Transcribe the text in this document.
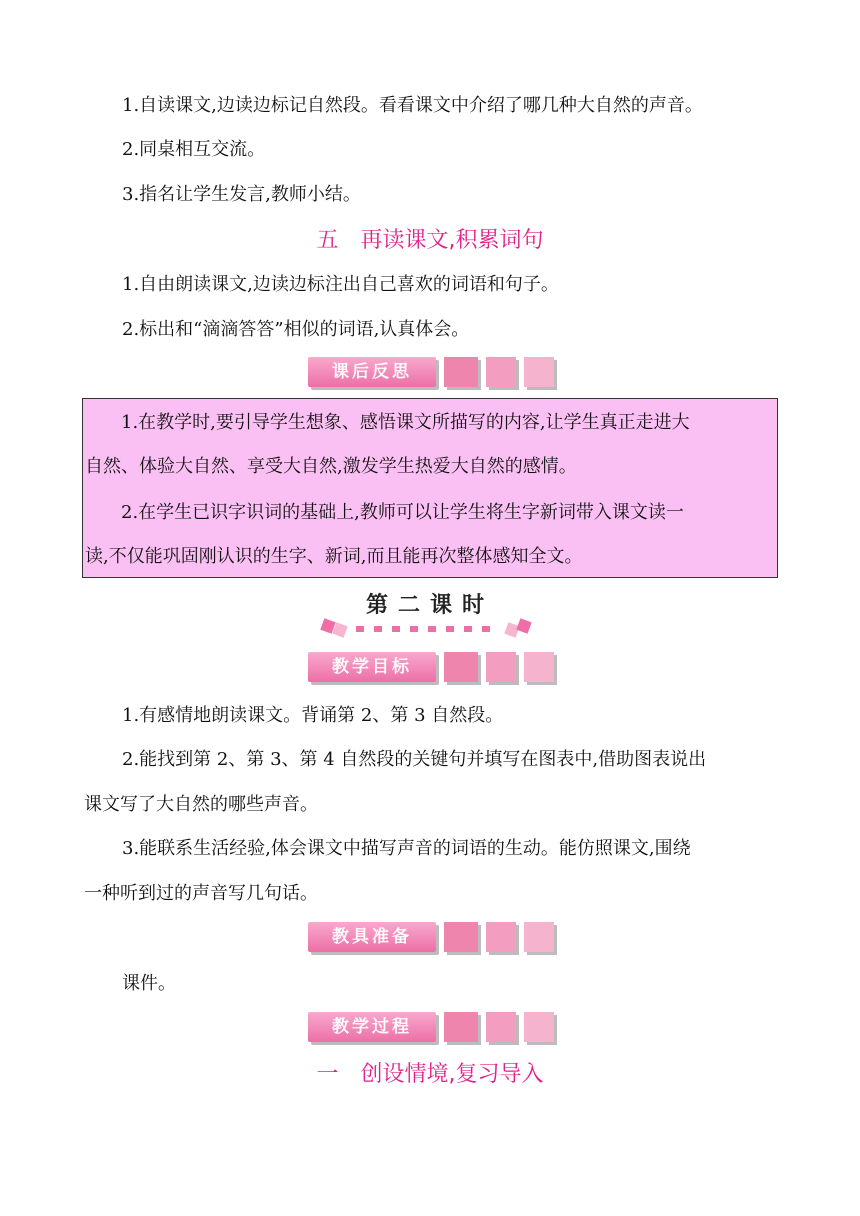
1.自读课文,边读边标记自然段。看看课文中介绍了哪几种大自然的声音。
2.同桌相互交流。
3.指名让学生发言,教师小结。
五 再读课文,积累词句
1.自由朗读课文,边读边标注出自己喜欢的词语和句子。
2.标出和“滴滴答答”相似的词语,认真体会。
课后反思
1.在教学时,要引导学生想象、感悟课文所描写的内容,让学生真正走进大
自然、体验大自然、享受大自然,激发学生热爱大自然的感情。
2.在学生已识字识词的基础上,教师可以让学生将生字新词带入课文读一
读,不仅能巩固刚认识的生字、新词,而且能再次整体感知全文。
第二课时
教学目标
1.有感情地朗读课文。背诵第 2、第 3 自然段。
2.能找到第 2、第 3、第 4 自然段的关键句并填写在图表中,借助图表说出
课文写了大自然的哪些声音。
3.能联系生活经验,体会课文中描写声音的词语的生动。能仿照课文,围绕
一种听到过的声音写几句话。
教具准备
课件。
教学过程
一 创设情境,复习导入
